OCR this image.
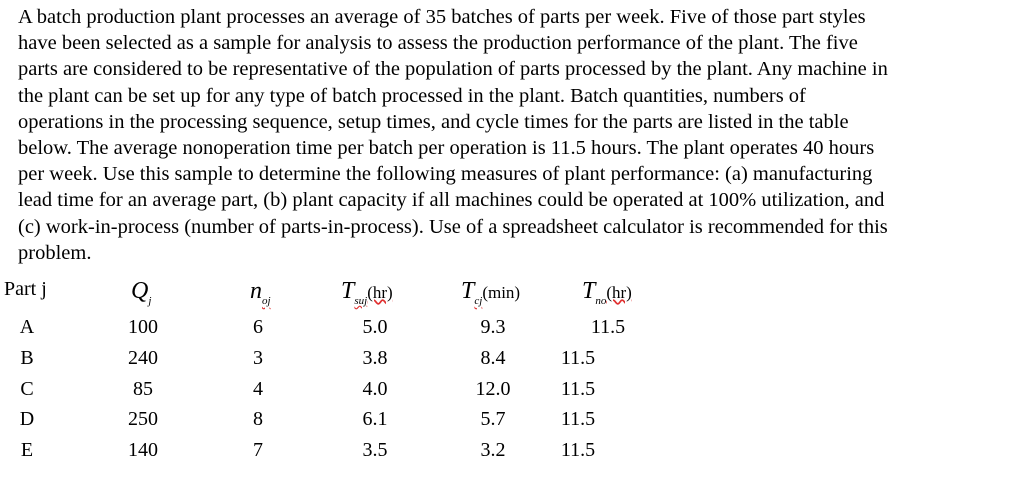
A batch production plant processes an average of 35 batches of parts per week. Five of those part styles
have been selected as a sample for analysis to assess the production performance of the plant. The five
parts are considered to be representative of the population of parts processed by the plant. Any machine in
the plant can be set up for any type of batch processed in the plant. Batch quantities, numbers of
operations in the processing sequence, setup times, and cycle times for the parts are listed in the table
below. The average nonoperation time per batch per operation is 11.5 hours. The plant operates 40 hours
per week. Use this sample to determine the following measures of plant performance: (a) manufacturing
lead time for an average part, (b) plant capacity if all machines could be operated at 100% utilization, and
(c) work-in-process (number of parts-in-process). Use of a spreadsheet calculator is recommended for this
problem.
Part j	$Q_j$	$n_{oj}$	$T_{suj}(hr)$	$T_{cj}(\min)$	$T_{no}(hr)$
A	100	6	5.0	9.3	11.5
B	240	3	3.8	8.4	11.5
C	85	4	4.0	12.0	11.5
D	250	8	6.1	5.7	11.5
E	140	7	3.5	3.2	11.5
